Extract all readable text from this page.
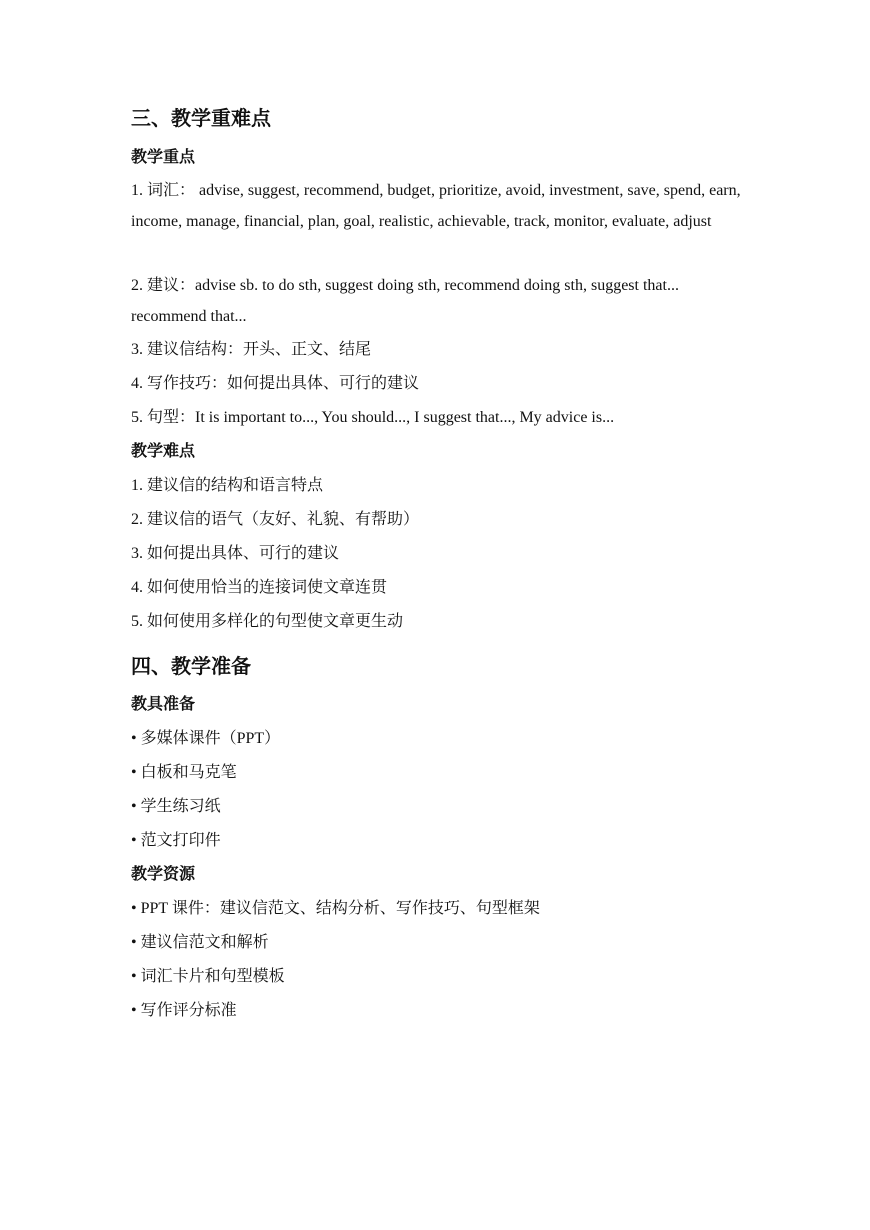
三、教学重难点
教学重点
1. 词汇： advise, suggest, recommend, budget, prioritize, avoid, investment, save, spend, earn, income, manage, financial, plan, goal, realistic, achievable, track, monitor, evaluate, adjust
2. 建议：advise sb. to do sth, suggest doing sth, recommend doing sth, suggest that... recommend that...
3. 建议信结构：开头、正文、结尾
4. 写作技巧：如何提出具体、可行的建议
5. 句型：It is important to..., You should..., I suggest that..., My advice is...
教学难点
1. 建议信的结构和语言特点
2. 建议信的语气（友好、礼貌、有帮助）
3. 如何提出具体、可行的建议
4. 如何使用恰当的连接词使文章连贯
5. 如何使用多样化的句型使文章更生动
四、教学准备
教具准备
• 多媒体课件（PPT）
• 白板和马克笔
• 学生练习纸
• 范文打印件
教学资源
• PPT 课件：建议信范文、结构分析、写作技巧、句型框架
• 建议信范文和解析
• 词汇卡片和句型模板
• 写作评分标准
